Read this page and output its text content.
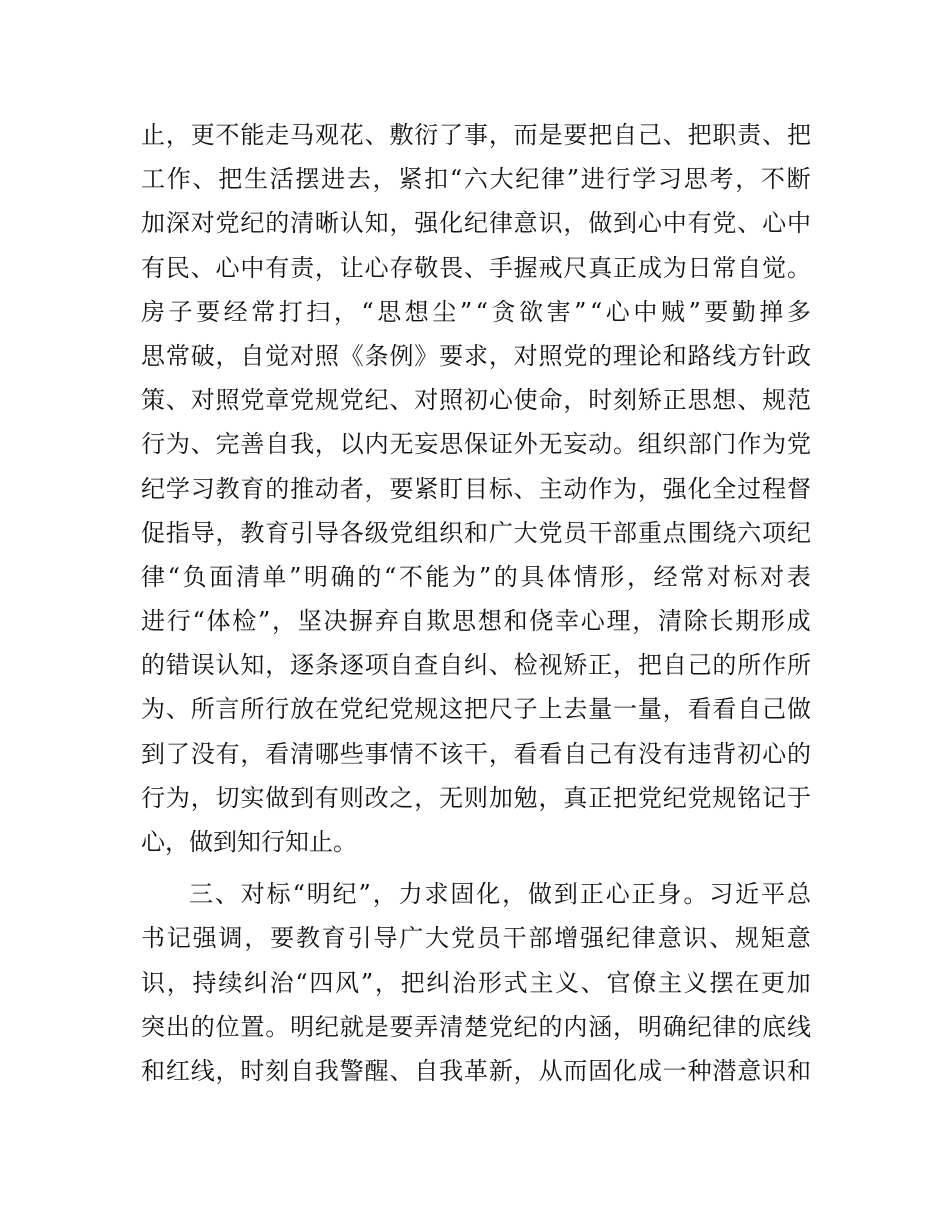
止 ， 更 不 能 走 马 观 花 、 敷 衍 了 事 ， 而 是 要 把 自 己 、 把 职 责 、 把
工 作 、 把 生 活 摆 进 去 ， 紧 扣 “ 六 大 纪 律 ” 进 行 学 习 思 考 ， 不 断
加 深 对 党 纪 的 清 晰 认 知 ， 强 化 纪 律 意 识 ， 做 到 心 中 有 党 、 心 中
有 民 、 心 中 有 责 ， 让 心 存 敬 畏 、 手 握 戒 尺 真 正 成 为 日 常 自 觉 。
房 子 要 经 常 打 扫 ， “ 思 想 尘 ” “ 贪 欲 害 ” “ 心 中 贼 ” 要 勤 掸 多
思 常 破 ， 自 觉 对 照 《 条 例 》 要 求 ， 对 照 党 的 理 论 和 路 线 方 针 政
策 、 对 照 党 章 党 规 党 纪 、 对 照 初 心 使 命 ， 时 刻 矫 正 思 想 、 规 范
行 为 、 完 善 自 我 ， 以 内 无 妄 思 保 证 外 无 妄 动 。 组 织 部 门 作 为 党
纪 学 习 教 育 的 推 动 者 ， 要 紧 盯 目 标 、 主 动 作 为 ， 强 化 全 过 程 督
促 指 导 ， 教 育 引 导 各 级 党 组 织 和 广 大 党 员 干 部 重 点 围 绕 六 项 纪
律 “ 负 面 清 单 ” 明 确 的 “ 不 能 为 ” 的 具 体 情 形 ， 经 常 对 标 对 表
进 行 “ 体 检 ” ， 坚 决 摒 弃 自 欺 思 想 和 侥 幸 心 理 ， 清 除 长 期 形 成
的 错 误 认 知 ， 逐 条 逐 项 自 查 自 纠 、 检 视 矫 正 ， 把 自 己 的 所 作 所
为 、 所 言 所 行 放 在 党 纪 党 规 这 把 尺 子 上 去 量 一 量 ， 看 看 自 己 做
到 了 没 有 ， 看 清 哪 些 事 情 不 该 干 ， 看 看 自 己 有 没 有 违 背 初 心 的
行 为 ， 切 实 做 到 有 则 改 之 ， 无 则 加 勉 ， 真 正 把 党 纪 党 规 铭 记 于
心，做到知行知止。
三 、 对 标 “ 明 纪 ” ， 力 求 固 化 ， 做 到 正 心 正 身 。 习 近 平 总
书 记 强 调 ， 要 教 育 引 导 广 大 党 员 干 部 增 强 纪 律 意 识 、 规 矩 意
识 ， 持 续 纠 治 “ 四 风 ” ， 把 纠 治 形 式 主 义 、 官 僚 主 义 摆 在 更 加
突 出 的 位 置 。 明 纪 就 是 要 弄 清 楚 党 纪 的 内 涵 ， 明 确 纪 律 的 底 线
和 红 线 ， 时 刻 自 我 警 醒 、 自 我 革 新 ， 从 而 固 化 成 一 种 潜 意 识 和
